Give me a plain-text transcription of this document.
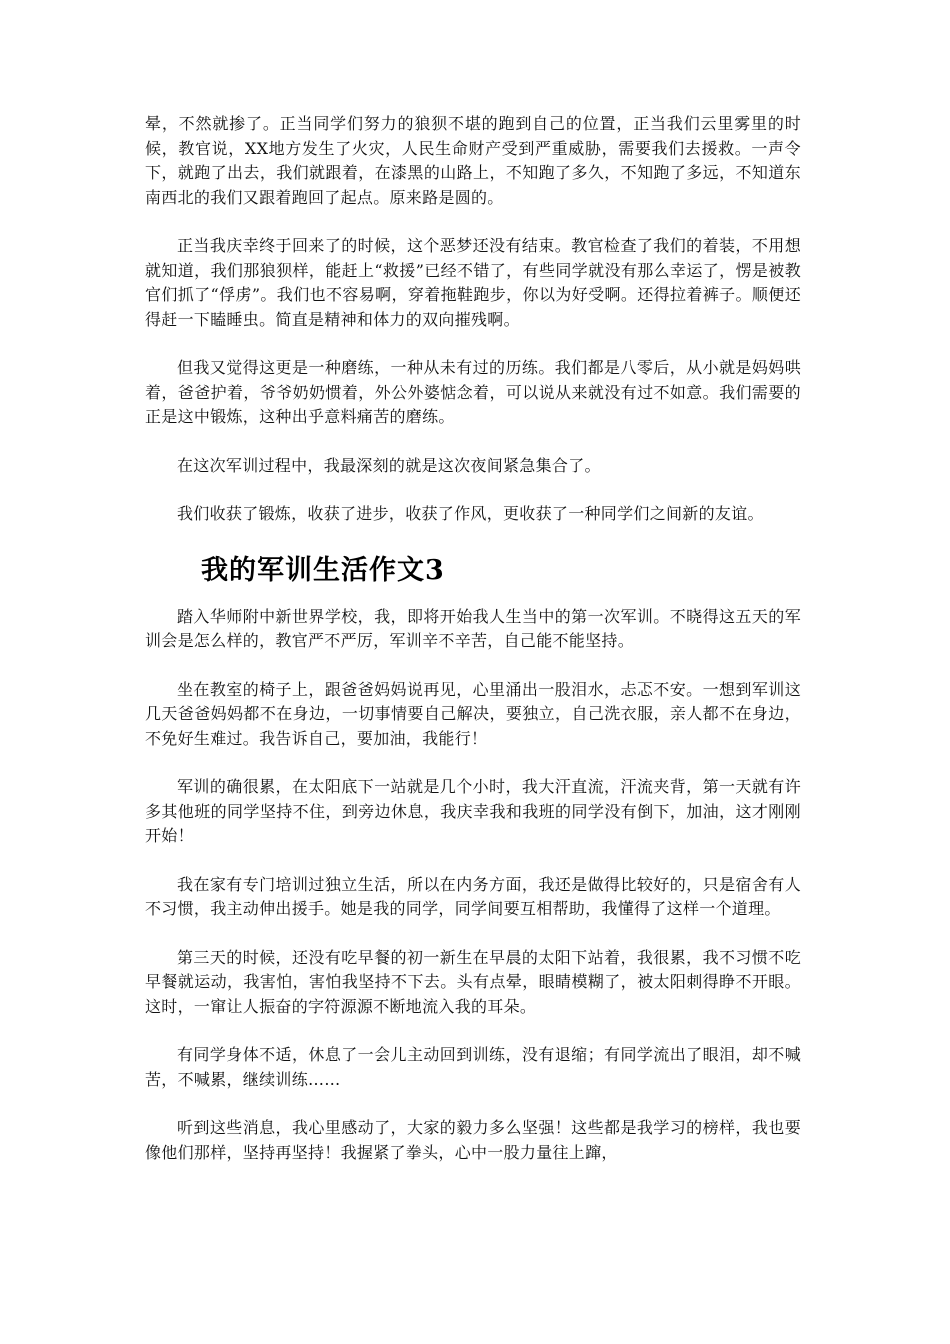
晕，不然就掺了。正当同学们努力的狼狈不堪的跑到自己的位置，正当我们云里雾里的时候，教官说，XX地方发生了火灾，人民生命财产受到严重威胁，需要我们去援救。一声令下，就跑了出去，我们就跟着，在漆黑的山路上，不知跑了多久，不知跑了多远，不知道东南西北的我们又跟着跑回了起点。原来路是圆的。

正当我庆幸终于回来了的时候，这个恶梦还没有结束。教官检查了我们的着装，不用想就知道，我们那狼狈样，能赶上“救援”已经不错了，有些同学就没有那么幸运了，愣是被教官们抓了“俘虏”。我们也不容易啊，穿着拖鞋跑步，你以为好受啊。还得拉着裤子。顺便还得赶一下瞌睡虫。简直是精神和体力的双向摧残啊。

但我又觉得这更是一种磨练，一种从未有过的历练。我们都是八零后，从小就是妈妈哄着，爸爸护着，爷爷奶奶惯着，外公外婆惦念着，可以说从来就没有过不如意。我们需要的正是这中锻炼，这种出乎意料痛苦的磨练。

在这次军训过程中，我最深刻的就是这次夜间紧急集合了。

我们收获了锻炼，收获了进步，收获了作风，更收获了一种同学们之间新的友谊。

我的军训生活作文3

踏入华师附中新世界学校，我，即将开始我人生当中的第一次军训。不晓得这五天的军训会是怎么样的，教官严不严厉，军训辛不辛苦，自己能不能坚持。

坐在教室的椅子上，跟爸爸妈妈说再见，心里涌出一股泪水，忐忑不安。一想到军训这几天爸爸妈妈都不在身边，一切事情要自己解决，要独立，自己洗衣服，亲人都不在身边，不免好生难过。我告诉自己，要加油，我能行！

军训的确很累，在太阳底下一站就是几个小时，我大汗直流，汗流夹背，第一天就有许多其他班的同学坚持不住，到旁边休息，我庆幸我和我班的同学没有倒下，加油，这才刚刚开始！

我在家有专门培训过独立生活，所以在内务方面，我还是做得比较好的，只是宿舍有人不习惯，我主动伸出援手。她是我的同学，同学间要互相帮助，我懂得了这样一个道理。

第三天的时候，还没有吃早餐的初一新生在早晨的太阳下站着，我很累，我不习惯不吃早餐就运动，我害怕，害怕我坚持不下去。头有点晕，眼睛模糊了，被太阳刺得睁不开眼。这时，一窜让人振奋的字符源源不断地流入我的耳朵。

有同学身体不适，休息了一会儿主动回到训练，没有退缩；有同学流出了眼泪，却不喊苦，不喊累，继续训练……

听到这些消息，我心里感动了，大家的毅力多么坚强！这些都是我学习的榜样，我也要像他们那样，坚持再坚持！我握紧了拳头，心中一股力量往上蹿，
